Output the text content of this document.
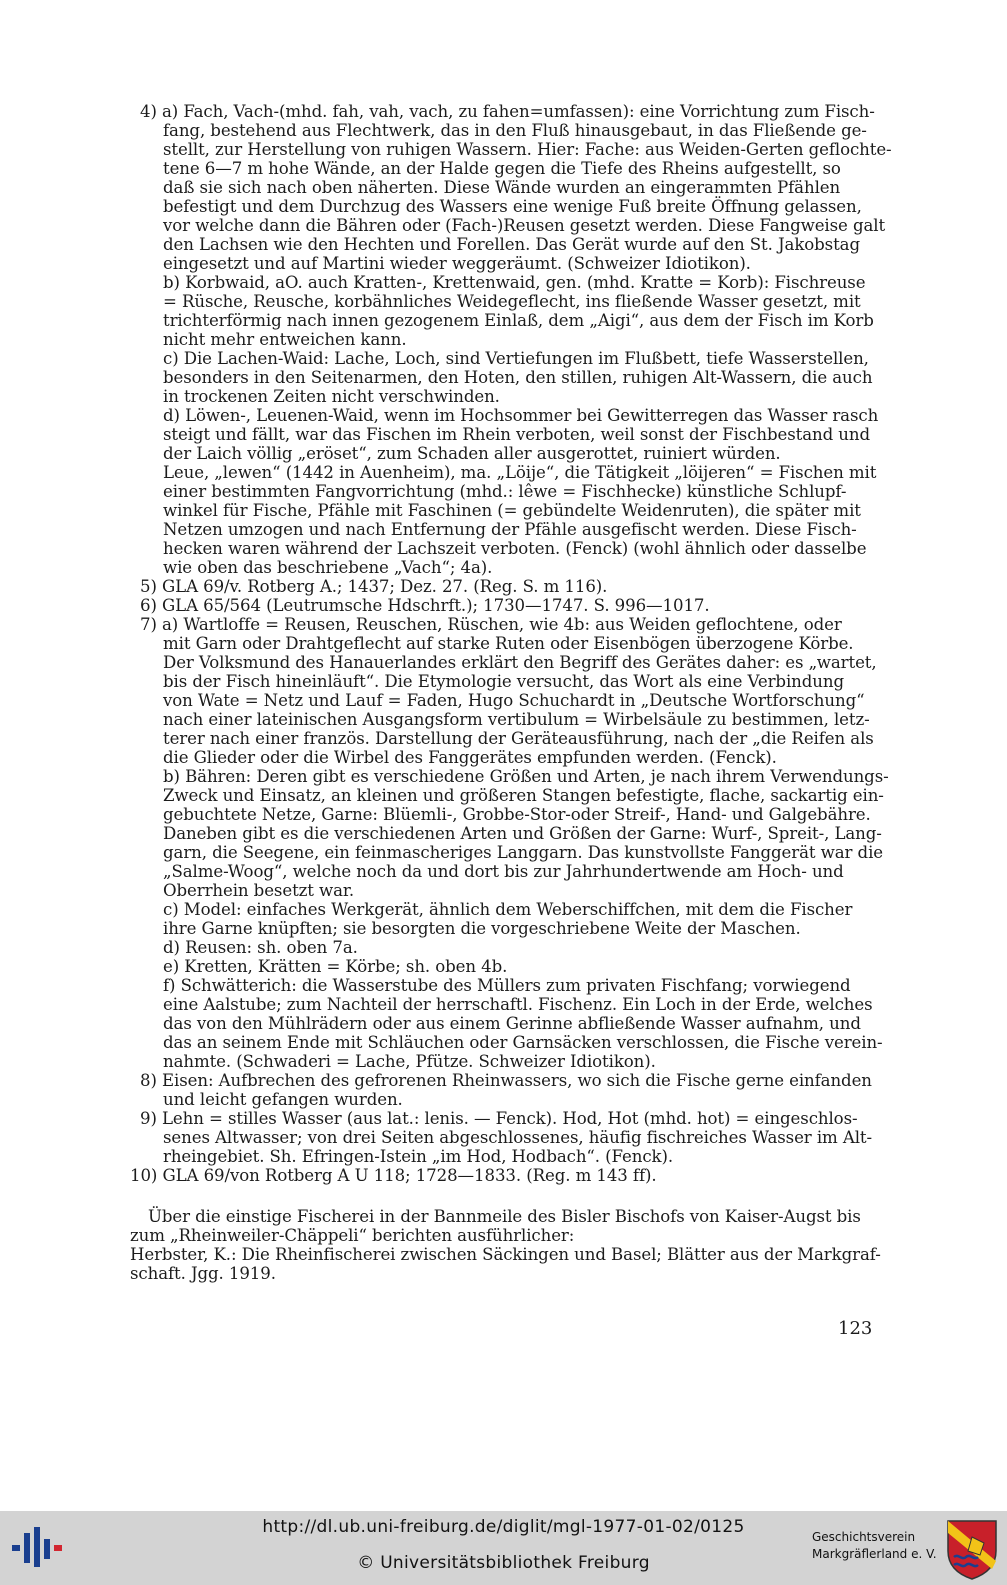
4) a) Fach, Vach-(mhd. fah, vah, vach, zu fahen=umfassen): eine Vorrichtung zum Fisch-
fang, bestehend aus Flechtwerk, das in den Fluß hinausgebaut, in das Fließende ge-
stellt, zur Herstellung von ruhigen Wassern. Hier: Fache: aus Weiden-Gerten geflochte-
tene 6—7 m hohe Wände, an der Halde gegen die Tiefe des Rheins aufgestellt, so
daß sie sich nach oben näherten. Diese Wände wurden an eingerammten Pfählen
befestigt und dem Durchzug des Wassers eine wenige Fuß breite Öffnung gelassen,
vor welche dann die Bähren oder (Fach-)Reusen gesetzt werden. Diese Fangweise galt
den Lachsen wie den Hechten und Forellen. Das Gerät wurde auf den St. Jakobstag
eingesetzt und auf Martini wieder weggeräumt. (Schweizer Idiotikon).
b) Korbwaid, aO. auch Kratten-, Krettenwaid, gen. (mhd. Kratte = Korb): Fischreuse
= Rüsche, Reusche, korbähnliches Weidegeflecht, ins fließende Wasser gesetzt, mit
trichterförmig nach innen gezogenem Einlaß, dem „Aigi“, aus dem der Fisch im Korb
nicht mehr entweichen kann.
c) Die Lachen-Waid: Lache, Loch, sind Vertiefungen im Flußbett, tiefe Wasserstellen,
besonders in den Seitenarmen, den Hoten, den stillen, ruhigen Alt-Wassern, die auch
in trockenen Zeiten nicht verschwinden.
d) Löwen-, Leuenen-Waid, wenn im Hochsommer bei Gewitterregen das Wasser rasch
steigt und fällt, war das Fischen im Rhein verboten, weil sonst der Fischbestand und
der Laich völlig „eröset“, zum Schaden aller ausgerottet, ruiniert würden.
Leue, „lewen“ (1442 in Auenheim), ma. „Löije“, die Tätigkeit „löijeren“ = Fischen mit
einer bestimmten Fangvorrichtung (mhd.: lêwe = Fischhecke) künstliche Schlupf-
winkel für Fische, Pfähle mit Faschinen (= gebündelte Weidenruten), die später mit
Netzen umzogen und nach Entfernung der Pfähle ausgefischt werden. Diese Fisch-
hecken waren während der Lachszeit verboten. (Fenck) (wohl ähnlich oder dasselbe
wie oben das beschriebene „Vach“; 4a).
5) GLA 69/v. Rotberg A.; 1437; Dez. 27. (Reg. S. m 116).
6) GLA 65/564 (Leutrumsche Hdschrft.); 1730—1747. S. 996—1017.
7) a) Wartloffe = Reusen, Reuschen, Rüschen, wie 4b: aus Weiden geflochtene, oder
mit Garn oder Drahtgeflecht auf starke Ruten oder Eisenbögen überzogene Körbe.
Der Volksmund des Hanauerlandes erklärt den Begriff des Gerätes daher: es „wartet,
bis der Fisch hineinläuft“. Die Etymologie versucht, das Wort als eine Verbindung
von Wate = Netz und Lauf = Faden, Hugo Schuchardt in „Deutsche Wortforschung“
nach einer lateinischen Ausgangsform vertibulum = Wirbelsäule zu bestimmen, letz-
terer nach einer französ. Darstellung der Geräteausführung, nach der „die Reifen als
die Glieder oder die Wirbel des Fanggerätes empfunden werden. (Fenck).
b) Bähren: Deren gibt es verschiedene Größen und Arten, je nach ihrem Verwendungs-
Zweck und Einsatz, an kleinen und größeren Stangen befestigte, flache, sackartig ein-
gebuchtete Netze, Garne: Blüemli-, Grobbe-Stor-oder Streif-, Hand- und Galgebähre.
Daneben gibt es die verschiedenen Arten und Größen der Garne: Wurf-, Spreit-, Lang-
garn, die Seegene, ein feinmascheriges Langgarn. Das kunstvollste Fanggerät war die
„Salme-Woog“, welche noch da und dort bis zur Jahrhundertwende am Hoch- und
Oberrhein besetzt war.
c) Model: einfaches Werkgerät, ähnlich dem Weberschiffchen, mit dem die Fischer
ihre Garne knüpften; sie besorgten die vorgeschriebene Weite der Maschen.
d) Reusen: sh. oben 7a.
e) Kretten, Krätten = Körbe; sh. oben 4b.
f) Schwätterich: die Wasserstube des Müllers zum privaten Fischfang; vorwiegend
eine Aalstube; zum Nachteil der herrschaftl. Fischenz. Ein Loch in der Erde, welches
das von den Mühlrädern oder aus einem Gerinne abfließende Wasser aufnahm, und
das an seinem Ende mit Schläuchen oder Garnsäcken verschlossen, die Fische verein-
nahmte. (Schwaderi = Lache, Pfütze. Schweizer Idiotikon).
8) Eisen: Aufbrechen des gefrorenen Rheinwassers, wo sich die Fische gerne einfanden
und leicht gefangen wurden.
9) Lehn = stilles Wasser (aus lat.: lenis. — Fenck). Hod, Hot (mhd. hot) = eingeschlos-
senes Altwasser; von drei Seiten abgeschlossenes, häufig fischreiches Wasser im Alt-
rheingebiet. Sh. Efringen-Istein „im Hod, Hodbach“. (Fenck).
10) GLA 69/von Rotberg A U 118; 1728—1833. (Reg. m 143 ff).
Über die einstige Fischerei in der Bannmeile des Bisler Bischofs von Kaiser-Augst bis
zum „Rheinweiler-Chäppeli“ berichten ausführlicher:
Herbster, K.: Die Rheinfischerei zwischen Säckingen und Basel; Blätter aus der Markgraf-
schaft. Jgg. 1919.
123
http://dl.ub.uni-freiburg.de/diglit/mgl-1977-01-02/0125
© Universitätsbibliothek Freiburg
Geschichtsverein
Markgräflerland e. V.
